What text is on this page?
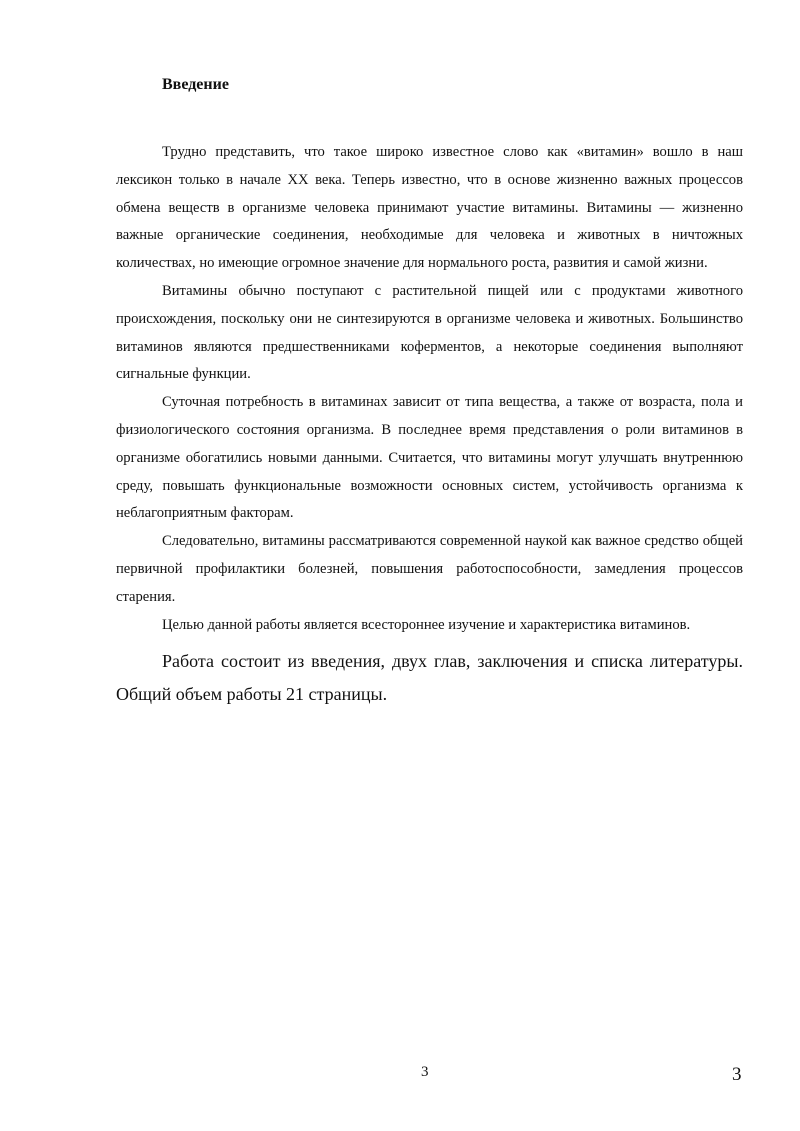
Введение

Трудно представить, что такое широко известное слово как «витамин» вошло в наш лексикон только в начале XX века. Теперь известно, что в основе жизненно важных процессов обмена веществ в организме человека принимают участие витамины. Витамины — жизненно важные органические соединения, необходимые для человека и животных в ничтожных количествах, но имеющие огромное значение для нормального роста, развития и самой жизни.

Витамины обычно поступают с растительной пищей или с продуктами животного происхождения, поскольку они не синтезируются в организме человека и животных. Большинство витаминов являются предшественниками коферментов, а некоторые соединения выполняют сигнальные функции.

Суточная потребность в витаминах зависит от типа вещества, а также от возраста, пола и физиологического состояния организма. В последнее время представления о роли витаминов в организме обогатились новыми данными. Считается, что витамины могут улучшать внутреннюю среду, повышать функциональные возможности основных систем, устойчивость организма к неблагоприятным факторам.

Следовательно, витамины рассматриваются современной наукой как важное средство общей первичной профилактики болезней, повышения работоспособности, замедления процессов старения.

Целью данной работы является всестороннее изучение и характеристика витаминов.

Работа состоит из введения, двух глав, заключения и списка литературы. Общий объем работы 21 страницы.

3	3
